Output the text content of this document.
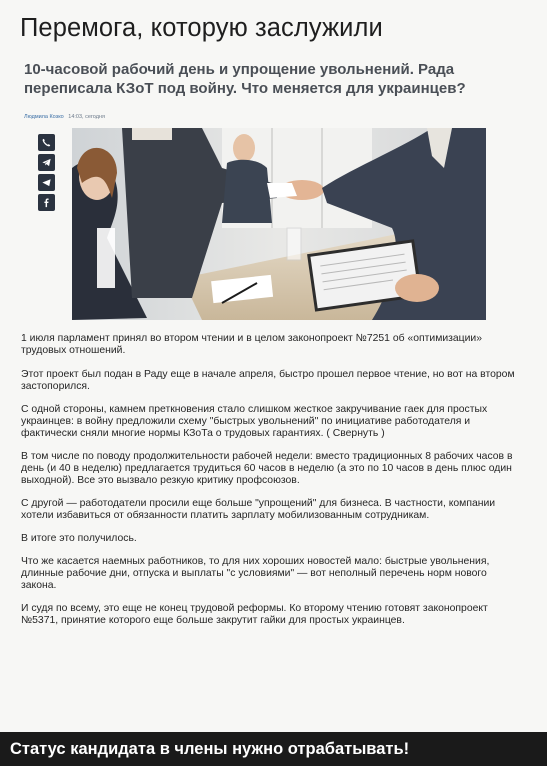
Перемога, которую заслужили
10-часовой рабочий день и упрощение увольнений. Рада переписала КЗоТ под войну. Что меняется для украинцев?
Людмила Козко 14:03, сегодня

1 июля парламент принял во втором чтении и в целом законопроект №7251 об «оптимизации» трудовых отношений.

Этот проект был подан в Раду еще в начале апреля, быстро прошел первое чтение, но вот на втором застопорился.

С одной стороны, камнем преткновения стало слишком жесткое закручивание гаек для простых украинцев: в войну предложили схему "быстрых увольнений" по инициативе работодателя и фактически сняли многие нормы КЗоТа о трудовых гарантиях. ( Свернуть )

В том числе по поводу продолжительности рабочей недели: вместо традиционных 8 рабочих часов в день (и 40 в неделю) предлагается трудиться 60 часов в неделю (а это по 10 часов в день плюс один выходной). Все это вызвало резкую критику профсоюзов.

С другой — работодатели просили еще больше "упрощений" для бизнеса. В частности, компании хотели избавиться от обязанности платить зарплату мобилизованным сотрудникам.

В итоге это получилось.

Что же касается наемных работников, то для них хороших новостей мало: быстрые увольнения, длинные рабочие дни, отпуска и выплаты "с условиями" — вот неполный перечень норм нового закона.

И судя по всему, это еще не конец трудовой реформы. Ко второму чтению готовят законопроект №5371, принятие которого еще больше закрутит гайки для простых украинцев.

Статус кандидата в члены нужно отрабатывать!
